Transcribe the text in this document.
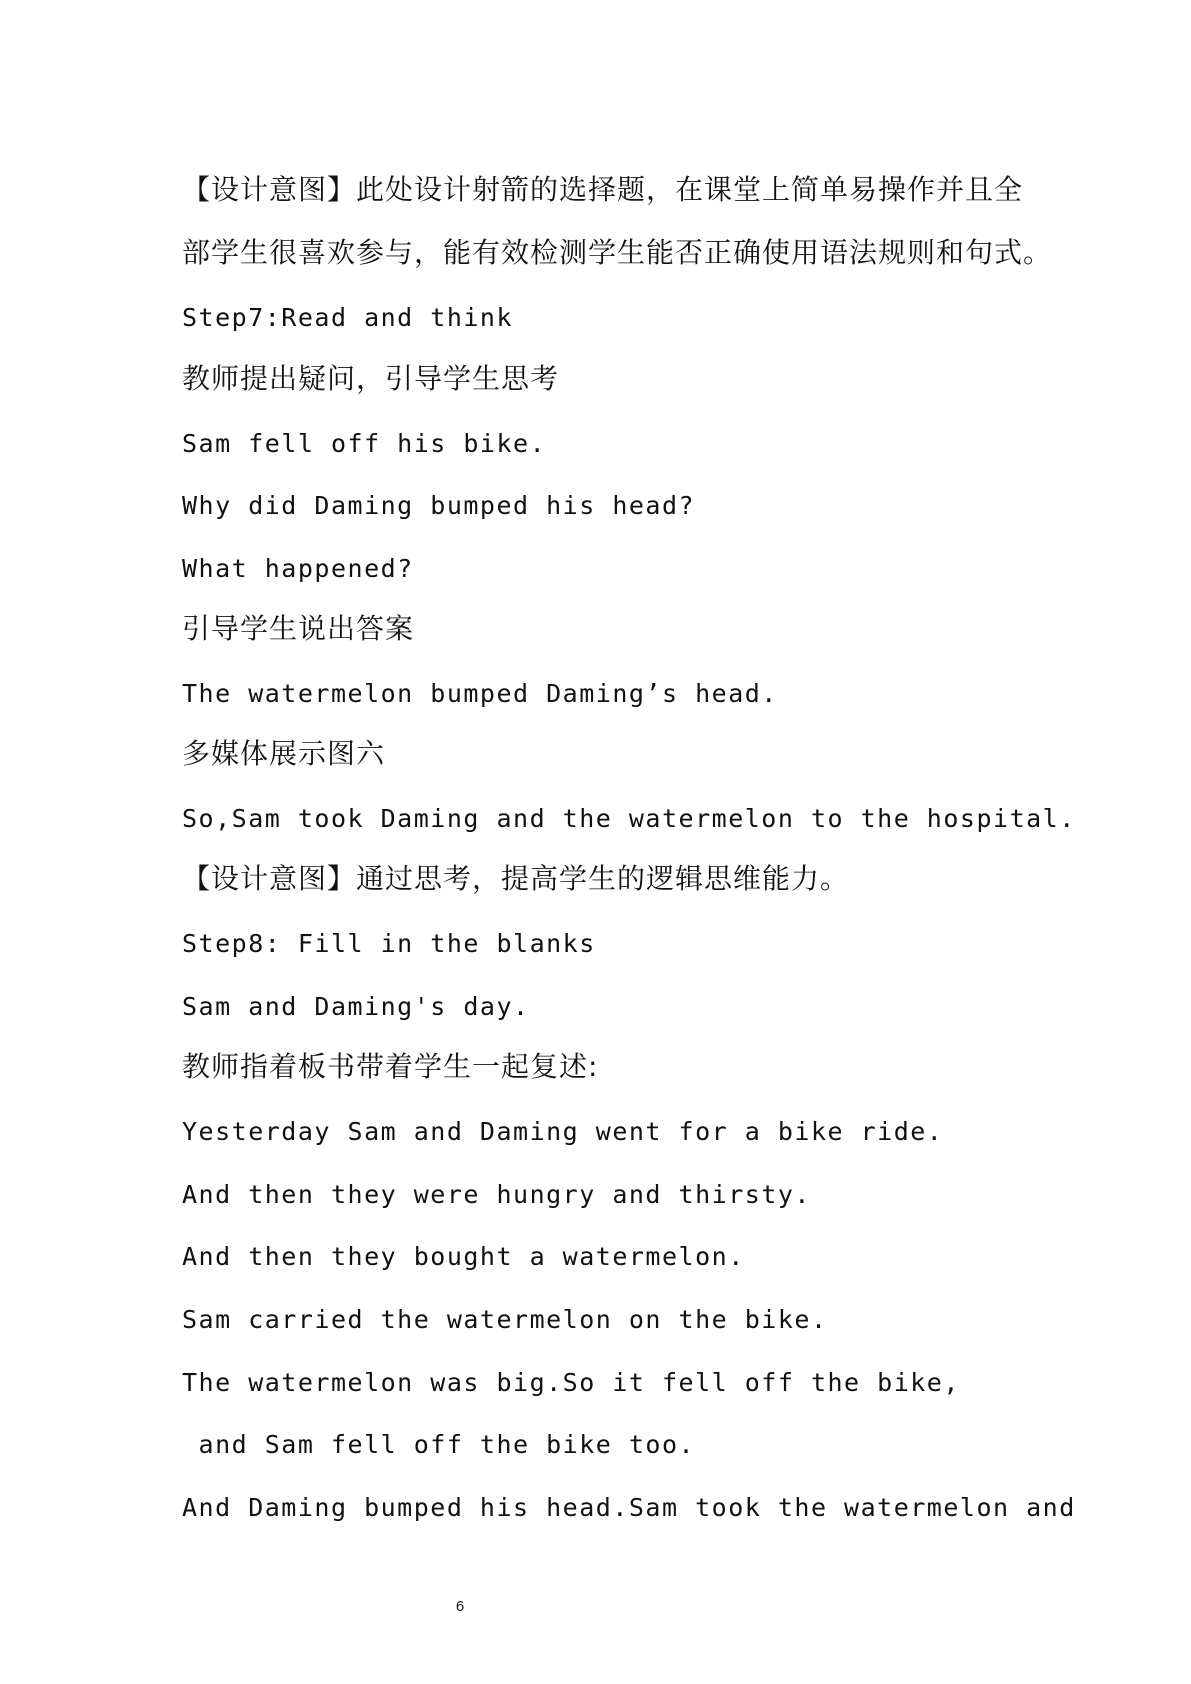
【设计意图】此处设计射箭的选择题，在课堂上简单易操作并且全
部学生很喜欢参与，能有效检测学生能否正确使用语法规则和句式。
Step7:Read and think
教师提出疑问，引导学生思考
Sam fell off his bike.
Why did Daming bumped his head?
What happened?
引导学生说出答案
The watermelon bumped Daming’s head.
多媒体展示图六
So,Sam took Daming and the watermelon to the hospital.
【设计意图】通过思考，提高学生的逻辑思维能力。
Step8: Fill in the blanks
Sam and Daming's day.
教师指着板书带着学生一起复述:
Yesterday Sam and Daming went for a bike ride.
And then they were hungry and thirsty.
And then they bought a watermelon.
Sam carried the watermelon on the bike.
The watermelon was big.So it fell off the bike,
and Sam fell off the bike too.
And Daming bumped his head.Sam took the watermelon and
6
